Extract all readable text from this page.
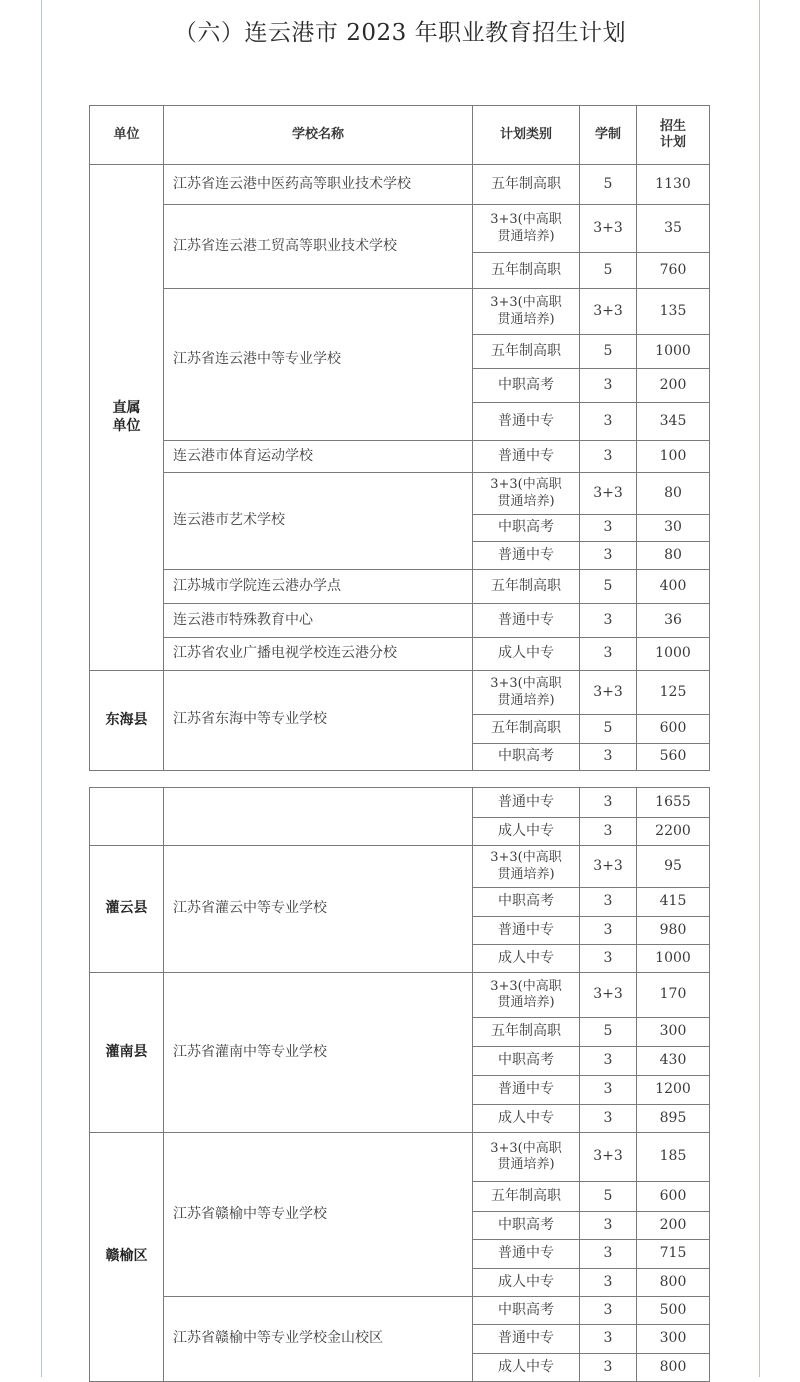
（六）连云港市 2023 年职业教育招生计划
单位	学校名称	计划类别	学制	招生
计划
直属
单位	江苏省连云港中医药高等职业技术学校	五年制高职	5	1130
	江苏省连云港工贸高等职业技术学校	3+3(中高职
贯通培养)	3+3	35
		五年制高职	5	760
	江苏省连云港中等专业学校	3+3(中高职
贯通培养)	3+3	135
		五年制高职	5	1000
		中职高考	3	200
		普通中专	3	345
	连云港市体育运动学校	普通中专	3	100
	连云港市艺术学校	3+3(中高职
贯通培养)	3+3	80
		中职高考	3	30
		普通中专	3	80
	江苏城市学院连云港办学点	五年制高职	5	400
	连云港市特殊教育中心	普通中专	3	36
	江苏省农业广播电视学校连云港分校	成人中专	3	1000
东海县	江苏省东海中等专业学校	3+3(中高职
贯通培养)	3+3	125
		五年制高职	5	600
		中职高考	3	560
		普通中专	3	1655
		成人中专	3	2200
灌云县	江苏省灌云中等专业学校	3+3(中高职
贯通培养)	3+3	95
		中职高考	3	415
		普通中专	3	980
		成人中专	3	1000
灌南县	江苏省灌南中等专业学校	3+3(中高职
贯通培养)	3+3	170
		五年制高职	5	300
		中职高考	3	430
		普通中专	3	1200
		成人中专	3	895
赣榆区	江苏省赣榆中等专业学校	3+3(中高职
贯通培养)	3+3	185
		五年制高职	5	600
		中职高考	3	200
		普通中专	3	715
		成人中专	3	800
	江苏省赣榆中等专业学校金山校区	中职高考	3	500
		普通中专	3	300
		成人中专	3	800
